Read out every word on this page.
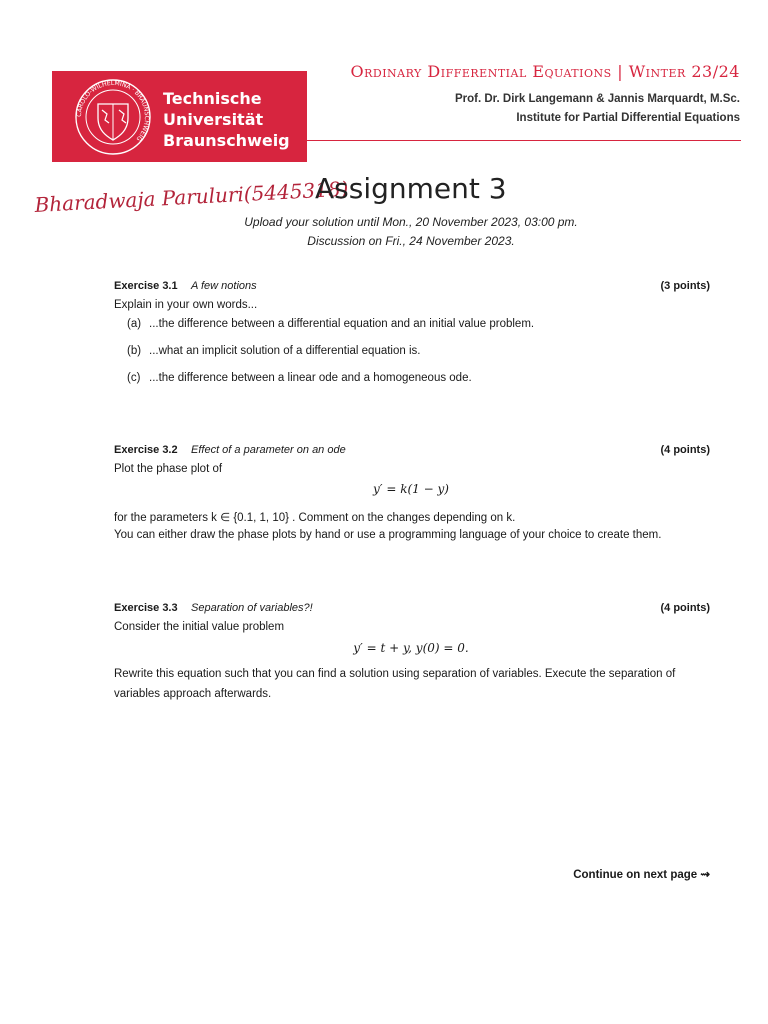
CAROLO-WILHELMINA · BRAUNSCHWEIG
Technische
Universität
Braunschweig
Ordinary Differential Equations | Winter 23/24
Prof. Dr. Dirk Langemann & Jannis Marquardt, M.Sc.
Institute for Partial Differential Equations
Bharadwaja Paruluri(5445318)
Assignment 3
Upload your solution until Mon., 20 November 2023, 03:00 pm.
Discussion on Fri., 24 November 2023.
Exercise 3.1 A few notions	(3 points)
Explain in your own words...
(a) ...the difference between a differential equation and an initial value problem.
(b) ...what an implicit solution of a differential equation is.
(c) ...the difference between a linear ode and a homogeneous ode.
Exercise 3.2 Effect of a parameter on an ode	(4 points)
Plot the phase plot of
y′ = k(1 − y)
for the parameters k ∈ {0.1, 1, 10} . Comment on the changes depending on k.
You can either draw the phase plots by hand or use a programming language of your choice to create them.
Exercise 3.3 Separation of variables?!	(4 points)
Consider the initial value problem
y′ = t + y, y(0) = 0.
Rewrite this equation such that you can find a solution using separation of variables. Execute the separation of
variables approach afterwards.
Continue on next page ⇝
